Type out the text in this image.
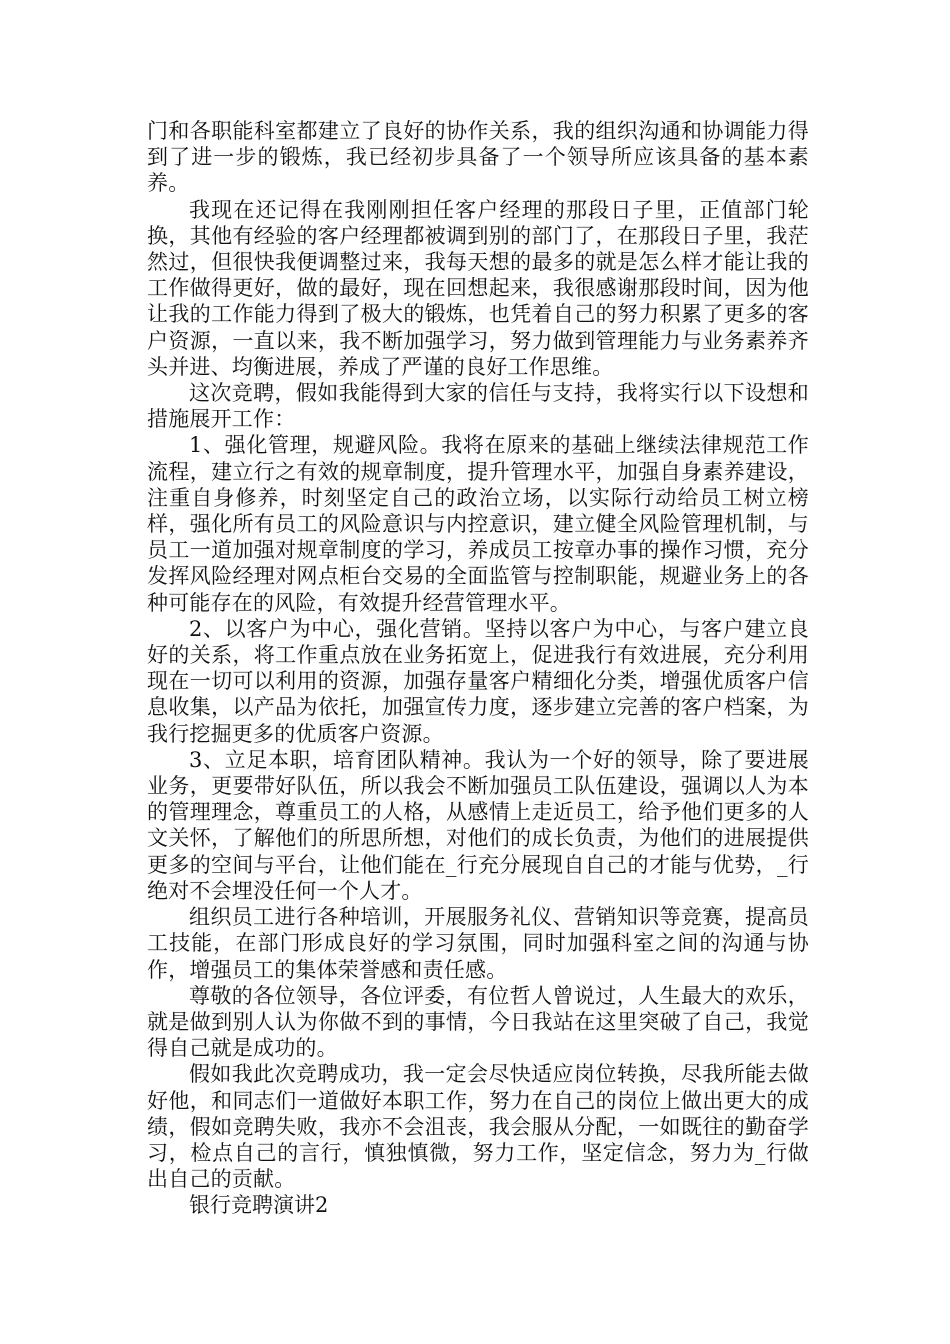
门和各职能科室都建立了良好的协作关系，我的组织沟通和协调能力得到了进一步的锻炼，我已经初步具备了一个领导所应该具备的基本素养。

我现在还记得在我刚刚担任客户经理的那段日子里，正值部门轮换，其他有经验的客户经理都被调到别的部门了，在那段日子里，我茫然过，但很快我便调整过来，我每天想的最多的就是怎么样才能让我的工作做得更好，做的最好，现在回想起来，我很感谢那段时间，因为他让我的工作能力得到了极大的锻炼，也凭着自己的努力积累了更多的客户资源，一直以来，我不断加强学习，努力做到管理能力与业务素养齐头并进、均衡进展，养成了严谨的良好工作思维。

这次竞聘，假如我能得到大家的信任与支持，我将实行以下设想和措施展开工作：

1、强化管理，规避风险。我将在原来的基础上继续法律规范工作流程，建立行之有效的规章制度，提升管理水平，加强自身素养建设，注重自身修养，时刻坚定自己的政治立场，以实际行动给员工树立榜样，强化所有员工的风险意识与内控意识，建立健全风险管理机制，与员工一道加强对规章制度的学习，养成员工按章办事的操作习惯，充分发挥风险经理对网点柜台交易的全面监管与控制职能，规避业务上的各种可能存在的风险，有效提升经营管理水平。

2、以客户为中心，强化营销。坚持以客户为中心，与客户建立良好的关系，将工作重点放在业务拓宽上，促进我行有效进展，充分利用现在一切可以利用的资源，加强存量客户精细化分类，增强优质客户信息收集，以产品为依托，加强宣传力度，逐步建立完善的客户档案，为我行挖掘更多的优质客户资源。

3、立足本职，培育团队精神。我认为一个好的领导，除了要进展业务，更要带好队伍，所以我会不断加强员工队伍建设，强调以人为本的管理理念，尊重员工的人格，从感情上走近员工，给予他们更多的人文关怀，了解他们的所思所想，对他们的成长负责，为他们的进展提供更多的空间与平台，让他们能在_行充分展现自自己的才能与优势，_行绝对不会埋没任何一个人才。

组织员工进行各种培训，开展服务礼仪、营销知识等竞赛，提高员工技能，在部门形成良好的学习氛围，同时加强科室之间的沟通与协作，增强员工的集体荣誉感和责任感。

尊敬的各位领导，各位评委，有位哲人曾说过，人生最大的欢乐，就是做到别人认为你做不到的事情，今日我站在这里突破了自己，我觉得自己就是成功的。

假如我此次竞聘成功，我一定会尽快适应岗位转换，尽我所能去做好他，和同志们一道做好本职工作，努力在自己的岗位上做出更大的成绩，假如竞聘失败，我亦不会沮丧，我会服从分配，一如既往的勤奋学习，检点自己的言行，慎独慎微，努力工作，坚定信念，努力为_行做出自己的贡献。

银行竞聘演讲2
